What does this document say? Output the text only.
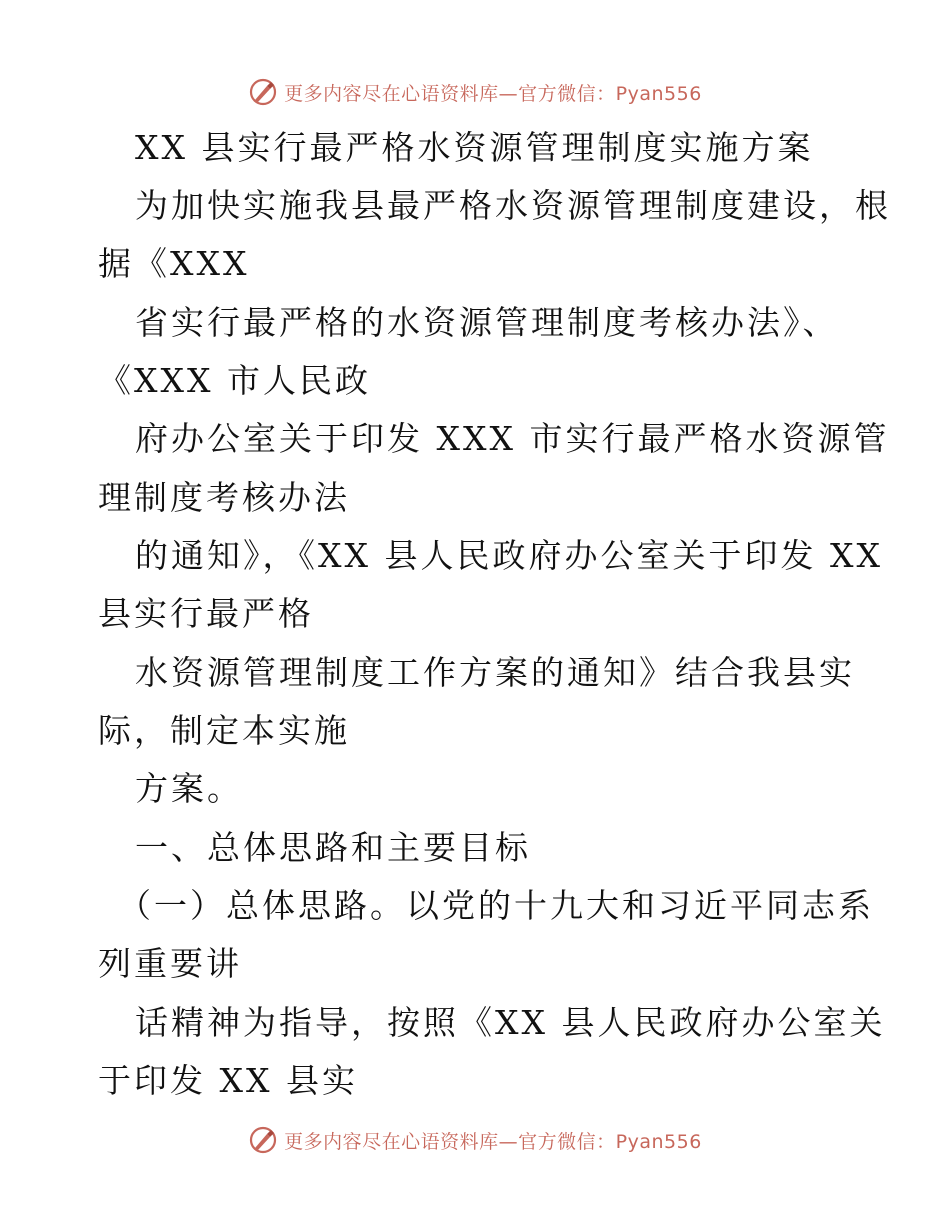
更多内容尽在心语资料库—官方微信：Pyan556
XX 县实行最严格水资源管理制度实施方案
为加快实施我县最严格水资源管理制度建设，根
据《XXX
省实行最严格的水资源管理制度考核办法》、
《XXX 市人民政
府办公室关于印发 XXX 市实行最严格水资源管
理制度考核办法
的通知》，《XX 县人民政府办公室关于印发 XX
县实行最严格
水资源管理制度工作方案的通知》结合我县实
际，制定本实施
方案。
一、总体思路和主要目标
（一）总体思路。以党的十九大和习近平同志系
列重要讲
话精神为指导，按照《XX 县人民政府办公室关
于印发 XX 县实
更多内容尽在心语资料库—官方微信：Pyan556
